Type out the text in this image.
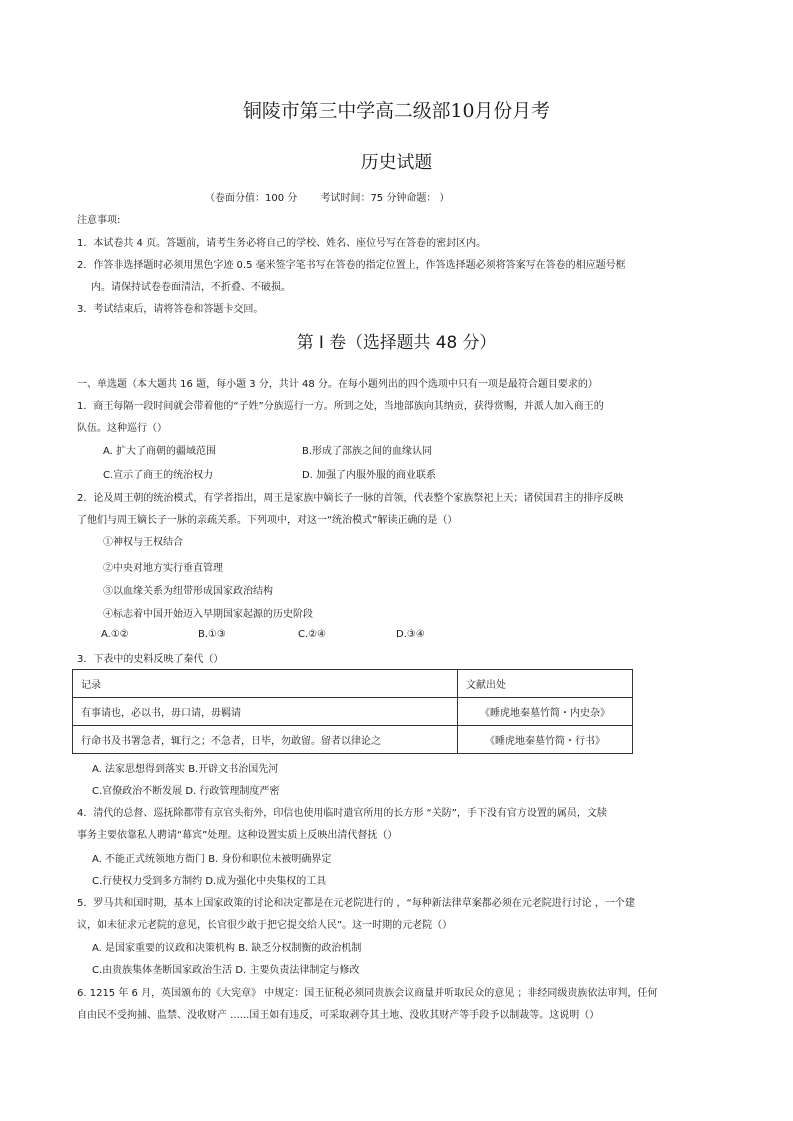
铜陵市第三中学高二级部10月份月考
历史试题
（卷面分值：100 分 　　考试时间：75 分钟命题： ）
注意事项:
1．本试卷共 4 页。答题前，请考生务必将自己的学校、姓名、座位号写在答卷的密封区内。
2．作答非选择题时必须用黑色字迹 0.5 毫米签字笔书写在答卷的指定位置上，作答选择题必须将答案写在答卷的相应题号框
内。请保持试卷卷面清洁，不折叠、不破损。
3．考试结束后，请将答卷和答题卡交回。
第 I 卷（选择题共 48 分）
一、单选题（本大题共 16 题，每小题 3 分，共计 48 分。在每小题列出的四个选项中只有一项是最符合题目要求的）
1．商王每隔一段时间就会带着他的“子姓”分族巡行一方。所到之处，当地部族向其纳贡，获得赏赐，并派人加入商王的
队伍。这种巡行（）
A. 扩大了商朝的疆域范围	B.形成了部族之间的血缘认同
C.宣示了商王的统治权力	D. 加强了内服外服的商业联系
2．论及周王朝的统治模式，有学者指出，周王是家族中嫡长子一脉的首领，代表整个家族祭祀上天；诸侯国君主的排序反映
了他们与周王嫡长子一脉的亲疏关系。下列项中，对这一“统治模式”解读正确的是（）
①神权与王权结合
②中央对地方实行垂直管理
③以血缘关系为纽带形成国家政治结构
④标志着中国开始迈入早期国家起源的历史阶段
A.①②	B.①③	C.②④	D.③④
3．下表中的史料反映了秦代（）
记录	文献出处
有事请也，必以书，毋口请，毋羁请	《睡虎地秦墓竹简・内史杂》
行命书及书署急者，辄行之；不急者，日毕，勿敢留。留者以律论之	《睡虎地秦墓竹简・行书》
A. 法家思想得到落实 B.开辟文书治国先河
C.官僚政治不断发展 D. 行政管理制度严密
4．清代的总督、巡抚除都带有京官头衔外，印信也使用临时遣官所用的长方形 “关防”，手下没有官方设置的属员，文牍
事务主要依靠私人聘请“幕宾”处理。这种设置实质上反映出清代督抚（）
A. 不能正式统领地方衙门 B. 身份和职位未被明确界定
C.行使权力受到多方制约 D.成为强化中央集权的工具
5．罗马共和国时期，基本上国家政策的讨论和决定都是在元老院进行的 ，“每种新法律草案都必须在元老院进行讨论 ，一个建
议，如未征求元老院的意见，长官很少敢于把它提交给人民”。这一时期的元老院（）
A. 是国家重要的议政和决策机构 B. 缺乏分权制衡的政治机制
C.由贵族集体垄断国家政治生活 D. 主要负责法律制定与修改
6. 1215 年 6 月，英国颁布的《大宪章》 中规定：国王征税必须同贵族会议商量并听取民众的意见 ；非经同级贵族依法审判，任何
自由民不受拘捕、监禁、没收财产 ......国王如有违反，可采取剥夺其土地、没收其财产等手段予以制裁等。这说明（）
